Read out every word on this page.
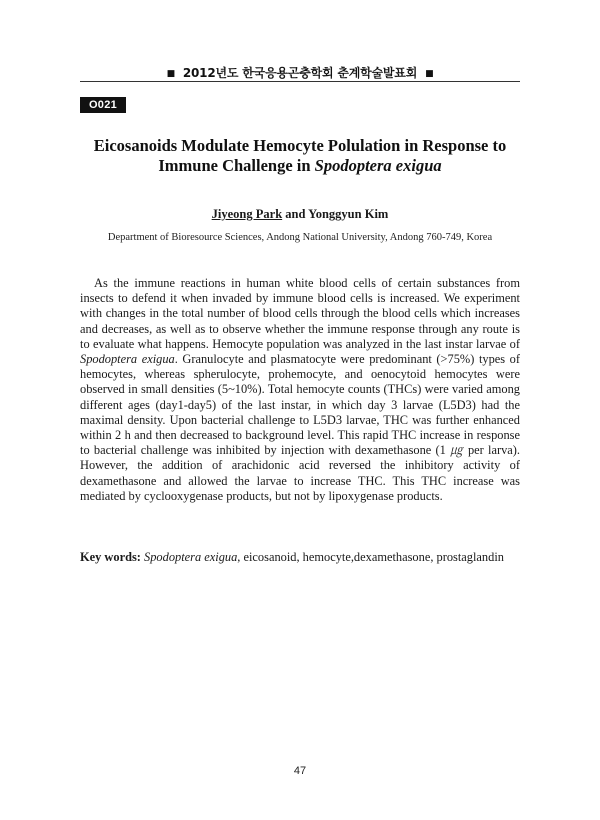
■ 2012년도 한국응용곤충학회 춘계학술발표회 ■
O021
Eicosanoids Modulate Hemocyte Polulation in Response to
Immune Challenge in Spodoptera exigua
Jiyeong Park and Yonggyun Kim
Department of Bioresource Sciences, Andong National University, Andong 760-749, Korea

As the immune reactions in human white blood cells of certain substances from insects to defend it when invaded by immune blood cells is increased. We experiment with changes in the total number of blood cells through the blood cells which increases and decreases, as well as to observe whether the immune response through any route is to evaluate what happens. Hemocyte population was analyzed in the last instar larvae of Spodoptera exigua. Granulocyte and plasmatocyte were predominant (>75%) types of hemocytes, whereas spherulocyte, prohemocyte, and oenocytoid hemocytes were observed in small densities (5~10%). Total hemocyte counts (THCs) were varied among different ages (day1-day5) of the last instar, in which day 3 larvae (L5D3) had the maximal density. Upon bacterial challenge to L5D3 larvae, THC was further enhanced within 2 h and then decreased to background level. This rapid THC increase in response to bacterial challenge was inhibited by injection with dexamethasone (1 ㎍ per larva). However, the addition of arachidonic acid reversed the inhibitory activity of dexamethasone and allowed the larvae to increase THC. This THC increase was mediated by cyclooxygenase products, but not by lipoxygenase products.

Key words: Spodoptera exigua, eicosanoid, hemocyte,dexamethasone, prostaglandin
47
